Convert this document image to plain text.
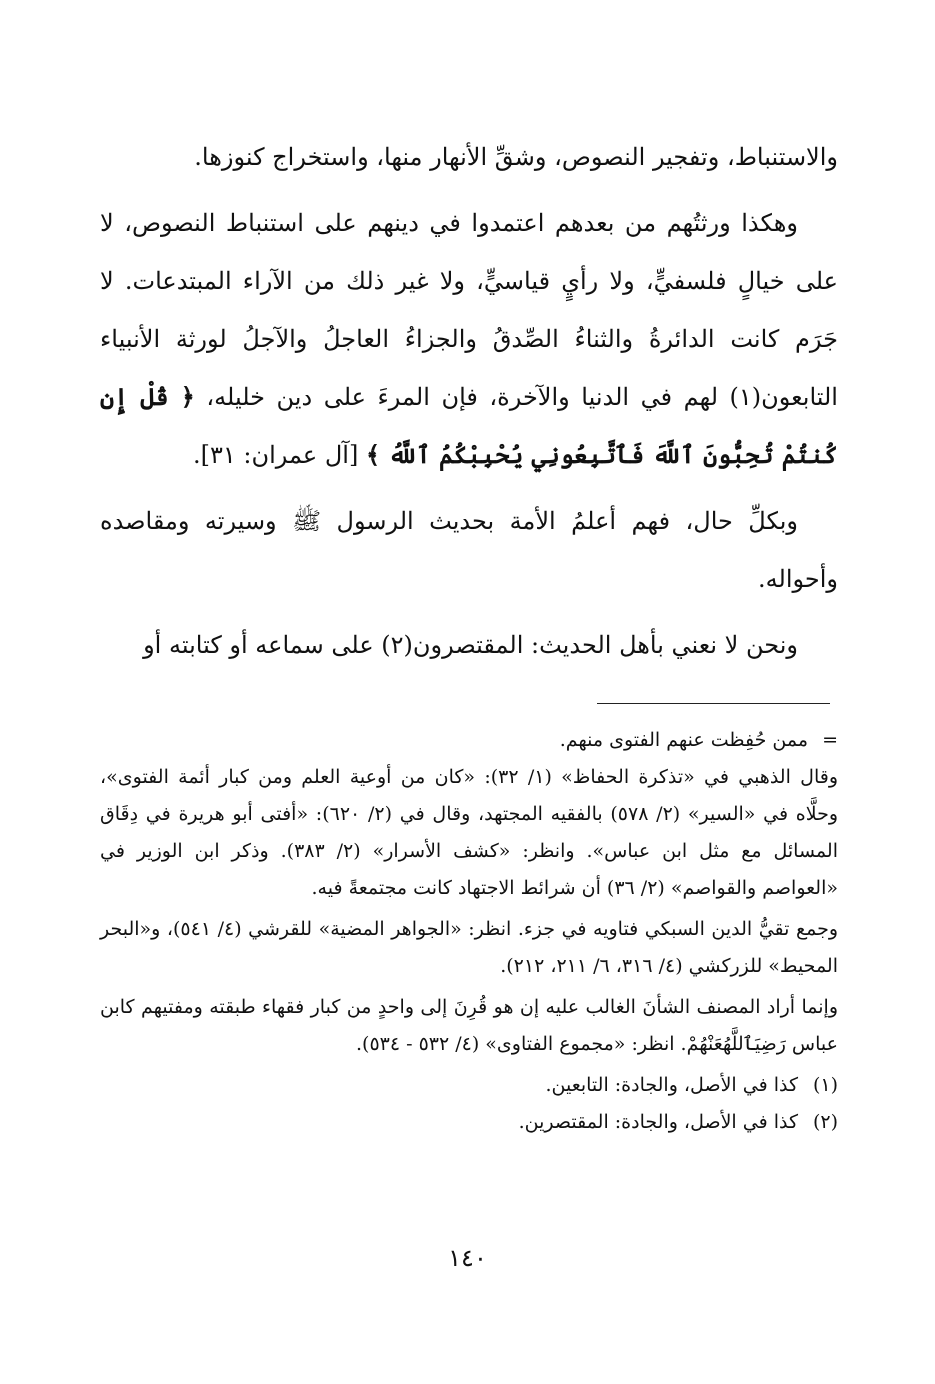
والاستنباط، وتفجير النصوص، وشقِّ الأنهار منها، واستخراج كنوزها.

وهكذا ورثتُهم من بعدهم اعتمدوا في دينهم على استنباط النصوص، لا على خيالٍ فلسفيٍّ، ولا رأيٍ قياسيٍّ، ولا غير ذلك من الآراء المبتدعات. لا جَرَم كانت الدائرةُ والثناءُ الصِّدقُ والجزاءُ العاجلُ والآجلُ لورثة الأنبياء التابعون(١) لهم في الدنيا والآخرة، فإن المرءَ على دين خليله، ﴿ قُلْ إِن كُنتُمْ تُحِبُّونَ ٱللَّهَ فَٱتَّبِعُونِي يُحْبِبْكُمُ ٱللَّهُ ﴾ [آل عمران: ٣١].

وبكلِّ حال، فهم أعلمُ الأمة بحديث الرسول ﷺ وسيرته ومقاصده وأحواله.

ونحن لا نعني بأهل الحديث: المقتصرون(٢) على سماعه أو كتابته أو

=
ممن حُفِظت عنهم الفتوى منهم.

وقال الذهبي في «تذكرة الحفاظ» (١/ ٣٢): «كان من أوعية العلم ومن كبار أئمة الفتوى»، وحلَّاه في «السير» (٢/ ٥٧٨) بالفقيه المجتهد، وقال في (٢/ ٦٢٠): «أفتى أبو هريرة في دِقَاق المسائل مع مثل ابن عباس». وانظر: «كشف الأسرار» (٢/ ٣٨٣). وذكر ابن الوزير في «العواصم والقواصم» (٢/ ٣٦) أن شرائط الاجتهاد كانت مجتمعةً فيه.

وجمع تقيُّ الدين السبكي فتاويه في جزء. انظر: «الجواهر المضية» للقرشي (٤/ ٥٤١)، و«البحر المحيط» للزركشي (٤/ ٣١٦، ٦/ ٢١١، ٢١٢).

وإنما أراد المصنف الشأنَ الغالب عليه إن هو قُرِنَ إلى واحدٍ من كبار فقهاء طبقته ومفتيهم كابن عباس رَضِيَٱللَّهُعَنْهُمْ. انظر: «مجموع الفتاوى» (٤/ ٥٣٢ - ٥٣٤).

(١)
كذا في الأصل، والجادة: التابعين.
(٢)
كذا في الأصل، والجادة: المقتصرين.
١٤٠
